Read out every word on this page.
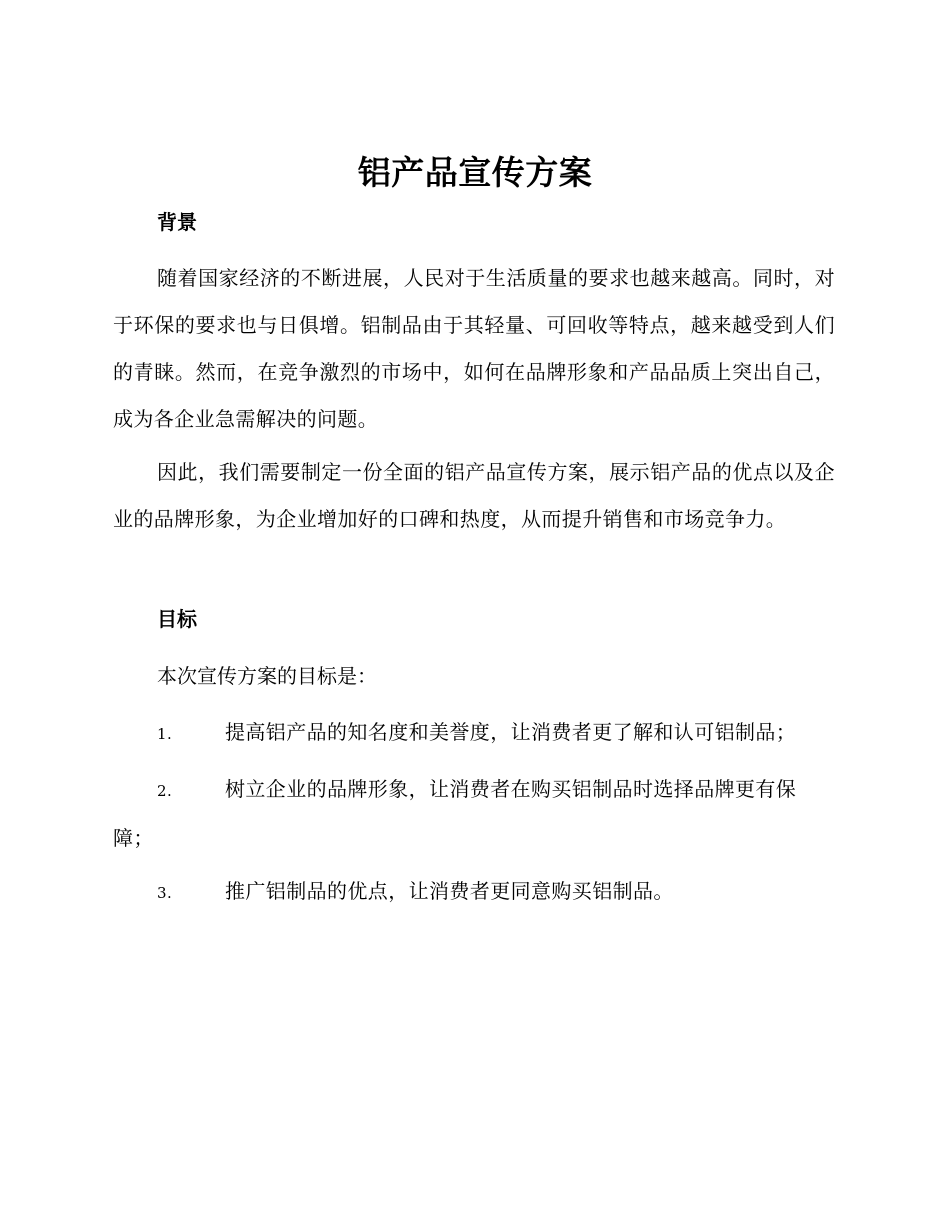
铝产品宣传方案
背景
随着国家经济的不断进展，人民对于生活质量的要求也越来越高。同时，对于环保的要求也与日俱增。铝制品由于其轻量、可回收等特点，越来越受到人们的青睐。然而，在竞争激烈的市场中，如何在品牌形象和产品品质上突出自己，成为各企业急需解决的问题。
因此，我们需要制定一份全面的铝产品宣传方案，展示铝产品的优点以及企业的品牌形象，为企业增加好的口碑和热度，从而提升销售和市场竞争力。
目标
本次宣传方案的目标是：
1.	提高铝产品的知名度和美誉度，让消费者更了解和认可铝制品；
2.	树立企业的品牌形象，让消费者在购买铝制品时选择品牌更有保障；
3.	推广铝制品的优点，让消费者更同意购买铝制品。
